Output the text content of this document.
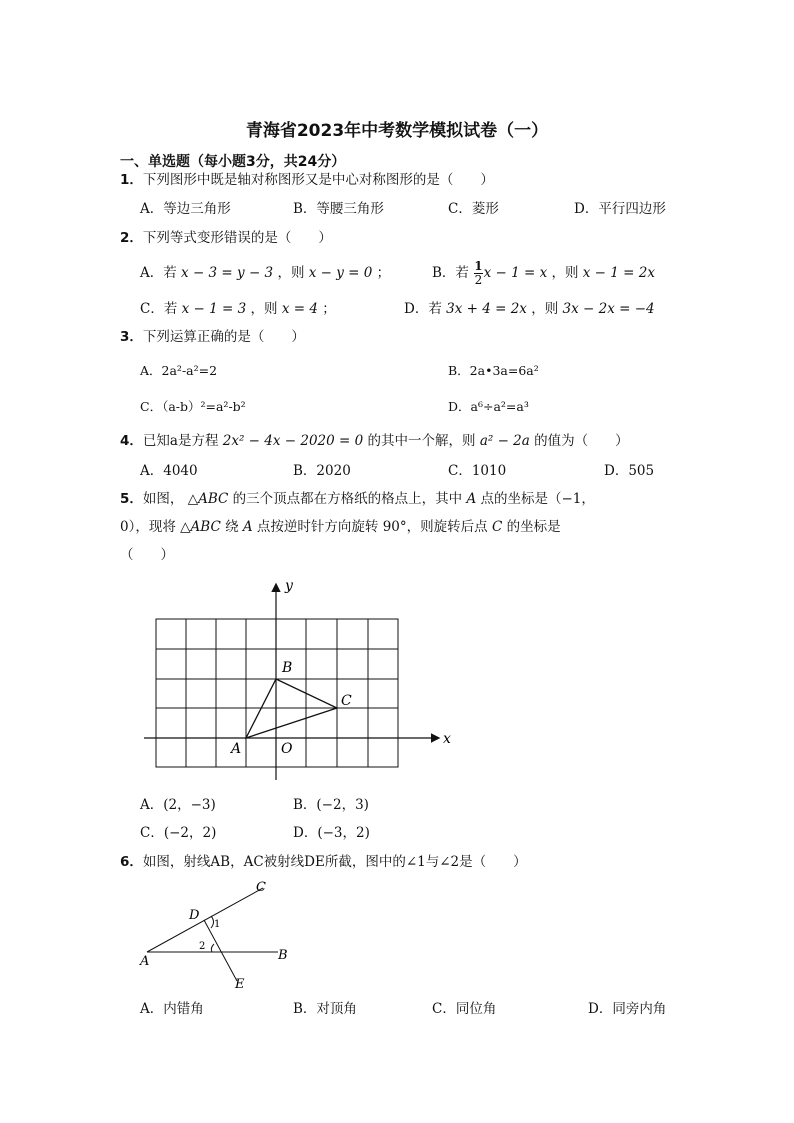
青海省2023年中考数学模拟试卷（一）
一、单选题（每小题3分，共24分）
1．下列图形中既是轴对称图形又是中心对称图形的是（　　）
A．等边三角形	B．等腰三角形	C．菱形	D．平行四边形
2．下列等式变形错误的是（　　）
A．若 x − 3 = y − 3 ，则 x − y = 0 ；	B．若 $\frac{1}{2}$ x − 1 = x ，则 x − 1 = 2x
C．若 x − 1 = 3 ，则 x = 4 ；	D．若 3x + 4 = 2x ，则 3x − 2x = −4
3．下列运算正确的是（　　）
A．2a²-a²=2	B．2a•3a=6a²
C．（a-b）²=a²-b²	D．a⁶÷a²=a³
4．已知a是方程 2x² − 4x − 2020 = 0 的其中一个解，则 a² − 2a 的值为（　　）
A．4040	B．2020	C．1010	D．505
5．如图， △ABC 的三个顶点都在方格纸的格点上，其中 A 点的坐标是（−1，
0），现将 △ABC 绕 A 点按逆时针方向旋转 90°，则旋转后点 C 的坐标是
（　　）
B
C
A	O
x
y
A．(2，−3)	B．(−2，3)
C．(−2，2)	D．(−3，2)
6．如图，射线AB，AC被射线DE所截，图中的∠1与∠2是（　　）
A	B
C
D
E
1
2
A．内错角	B．对顶角	C．同位角	D．同旁内角
